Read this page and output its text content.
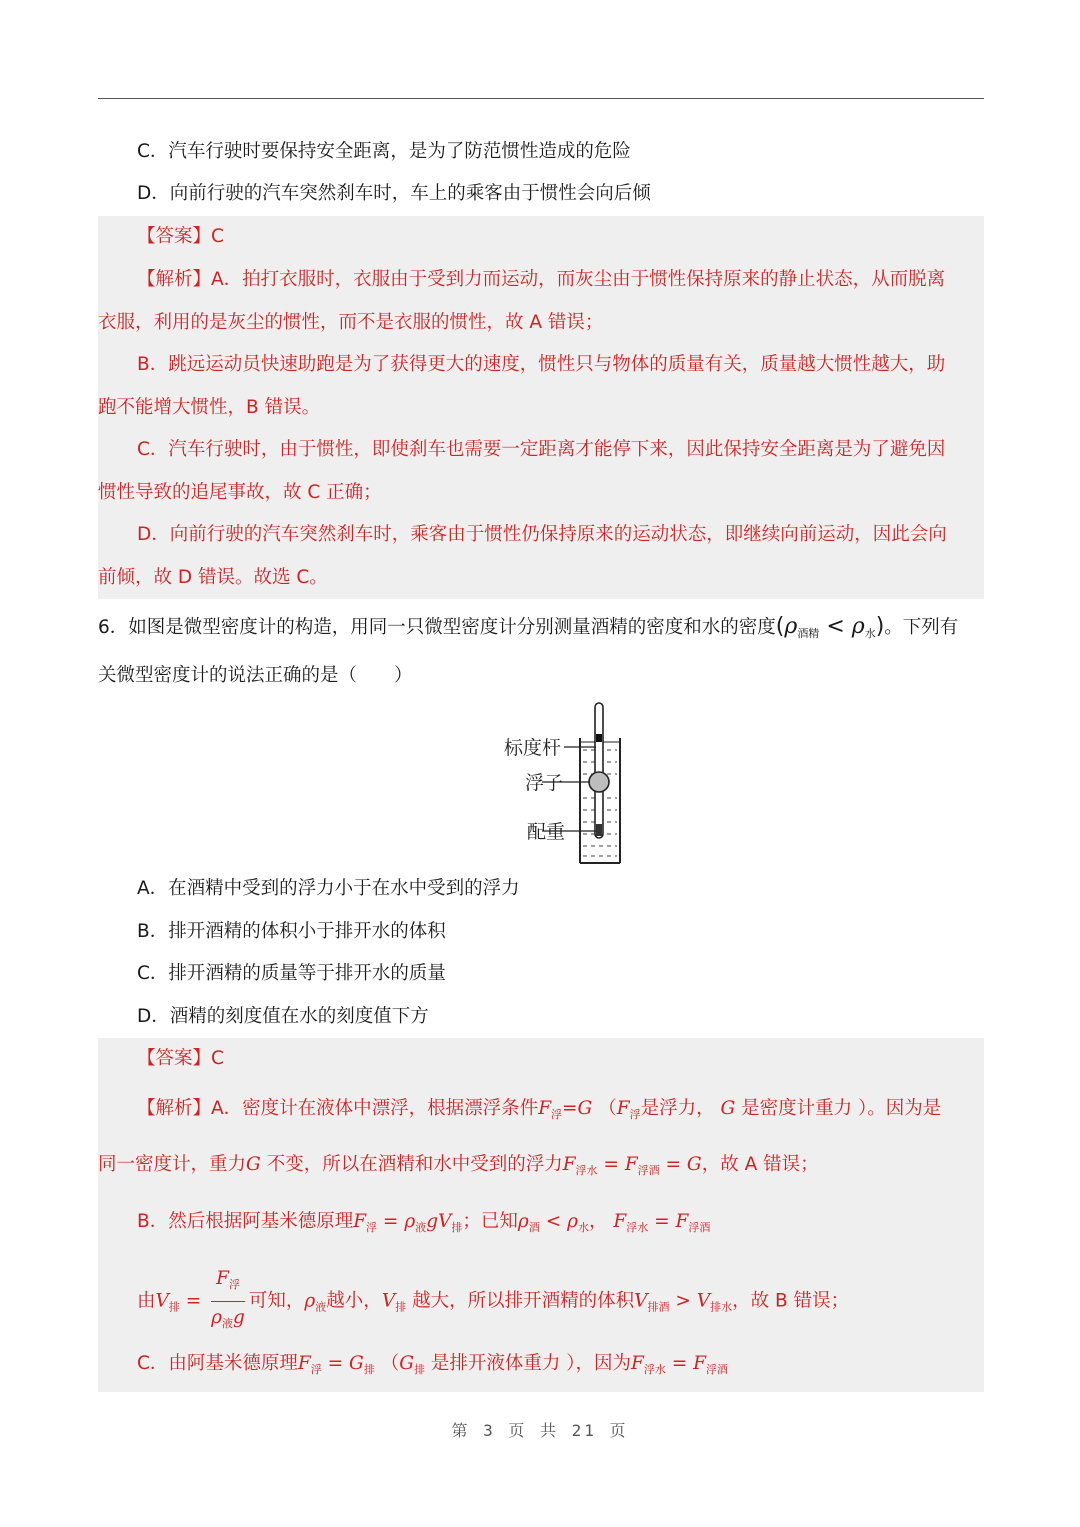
C．汽车行驶时要保持安全距离，是为了防范惯性造成的危险
D．向前行驶的汽车突然刹车时，车上的乘客由于惯性会向后倾
【答案】C
【解析】A．拍打衣服时，衣服由于受到力而运动，而灰尘由于惯性保持原来的静止状态，从而脱离
衣服，利用的是灰尘的惯性，而不是衣服的惯性，故 A 错误；
B．跳远运动员快速助跑是为了获得更大的速度，惯性只与物体的质量有关，质量越大惯性越大，助
跑不能增大惯性，B 错误。
C．汽车行驶时，由于惯性，即使刹车也需要一定距离才能停下来，因此保持安全距离是为了避免因
惯性导致的追尾事故，故 C 正确；
D．向前行驶的汽车突然刹车时，乘客由于惯性仍保持原来的运动状态，即继续向前运动，因此会向
前倾，故 D 错误。故选 C。
6．如图是微型密度计的构造，用同一只微型密度计分别测量酒精的密度和水的密度$(\rho_{酒精} < \rho_水)$。下列有
关微型密度计的说法正确的是（　　）
标度杆
浮子
配重
A．在酒精中受到的浮力小于在水中受到的浮力
B．排开酒精的体积小于排开水的体积
C．排开酒精的质量等于排开水的质量
D．酒精的刻度值在水的刻度值下方
【答案】C
【解析】A．密度计在液体中漂浮，根据漂浮条件$F_浮=G$ （$F_浮$是浮力， G 是密度计重力 ）。因为是
同一密度计，重力G 不变，所以在酒精和水中受到的浮力$F_{浮水} = F_{浮酒} = G$，故 A 错误；
B．然后根据阿基米德原理$F_浮 = \rho_液gV_排$；已知$\rho_酒 < \rho_水$， $F_{浮水} = F_{浮酒}$
由$V_排 = \frac{F_浮}{\rho_液g}$ 可知，$\rho_液$越小，$V_排$ 越大，所以排开酒精的体积$V_{排酒} > V_{排水}$，故 B 错误；
C．由阿基米德原理$F_浮 = G_排$ （$G_排$ 是排开液体重力 ），因为$F_{浮水} = F_{浮酒}$
第 3 页 共 21 页
